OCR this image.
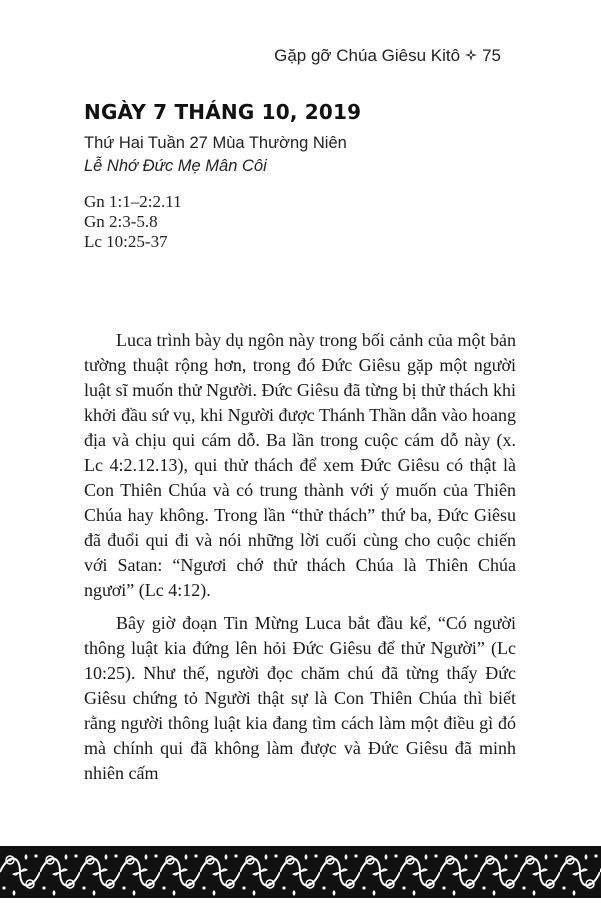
Gặp gỡ Chúa Giêsu Kitô 75
NGÀY 7 THÁNG 10, 2019
Thứ Hai Tuần 27 Mùa Thường Niên
Lễ Nhớ Đức Mẹ Mân Côi
Gn 1:1–2:2.11
Gn 2:3-5.8
Lc 10:25-37

Luca trình bày dụ ngôn này trong bối cảnh của một bản tường thuật rộng hơn, trong đó Đức Giêsu gặp một người luật sĩ muốn thử Người. Đức Giêsu đã từng bị thử thách khi khởi đầu sứ vụ, khi Người được Thánh Thần dẫn vào hoang địa và chịu qui cám dỗ. Ba lần trong cuộc cám dỗ này (x. Lc 4:2.12.13), qui thử thách để xem Đức Giêsu có thật là Con Thiên Chúa và có trung thành với ý muốn của Thiên Chúa hay không. Trong lần “thử thách” thứ ba, Đức Giêsu đã đuổi qui đi và nói những lời cuối cùng cho cuộc chiến với Satan: “Ngươi chớ thử thách Chúa là Thiên Chúa ngươi” (Lc 4:12).

Bây giờ đoạn Tin Mừng Luca bắt đầu kể, “Có người thông luật kia đứng lên hỏi Đức Giêsu để thử Người” (Lc 10:25). Như thế, người đọc chăm chú đã từng thấy Đức Giêsu chứng tỏ Người thật sự là Con Thiên Chúa thì biết rằng người thông luật kia đang tìm cách làm một điều gì đó mà chính qui đã không làm được và Đức Giêsu đã minh nhiên cấm
